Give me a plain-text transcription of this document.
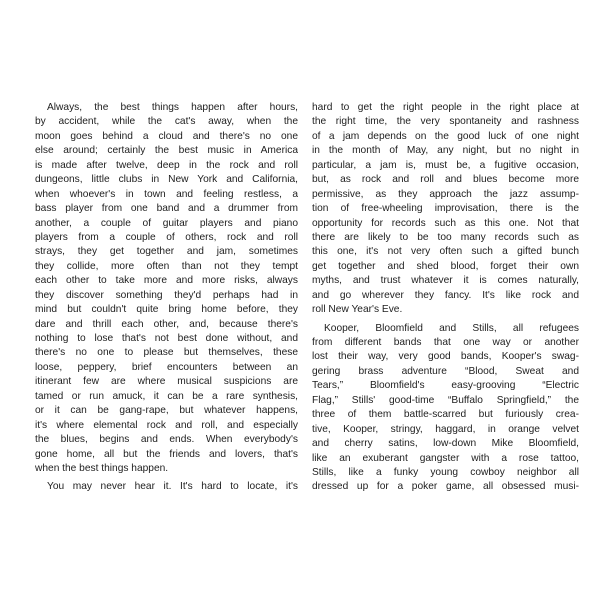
Always, the best things happen after hours,
by accident, while the cat's away, when the
moon goes behind a cloud and there's no one
else around; certainly the best music in America
is made after twelve, deep in the rock and roll
dungeons, little clubs in New York and California,
when whoever's in town and feeling restless, a
bass player from one band and a drummer from
another, a couple of guitar players and piano
players from a couple of others, rock and roll
strays, they get together and jam, sometimes
they collide, more often than not they tempt
each other to take more and more risks, always
they discover something they'd perhaps had in
mind but couldn't quite bring home before, they
dare and thrill each other, and, because there's
nothing to lose that's not best done without, and
there's no one to please but themselves, these
loose, peppery, brief encounters between an
itinerant few are where musical suspicions are
tamed or run amuck, it can be a rare synthesis,
or it can be gang-rape, but whatever happens,
it's where elemental rock and roll, and especially
the blues, begins and ends. When everybody's
gone home, all but the friends and lovers, that's
when the best things happen.
You may never hear it. It's hard to locate, it's
hard to get the right people in the right place at
the right time, the very spontaneity and rashness
of a jam depends on the good luck of one night
in the month of May, any night, but no night in
particular, a jam is, must be, a fugitive occasion,
but, as rock and roll and blues become more
permissive, as they approach the jazz assump-
tion of free-wheeling improvisation, there is the
opportunity for records such as this one. Not that
there are likely to be too many records such as
this one, it's not very often such a gifted bunch
get together and shed blood, forget their own
myths, and trust whatever it is comes naturally,
and go wherever they fancy. It's like rock and
roll New Year's Eve.
Kooper, Bloomfield and Stills, all refugees
from different bands that one way or another
lost their way, very good bands, Kooper's swag-
gering brass adventure “Blood, Sweat and
Tears,” Bloomfield's easy-grooving “Electric
Flag,” Stills' good-time “Buffalo Springfield,” the
three of them battle-scarred but furiously crea-
tive, Kooper, stringy, haggard, in orange velvet
and cherry satins, low-down Mike Bloomfield,
like an exuberant gangster with a rose tattoo,
Stills, like a funky young cowboy neighbor all
dressed up for a poker game, all obsessed musi-
